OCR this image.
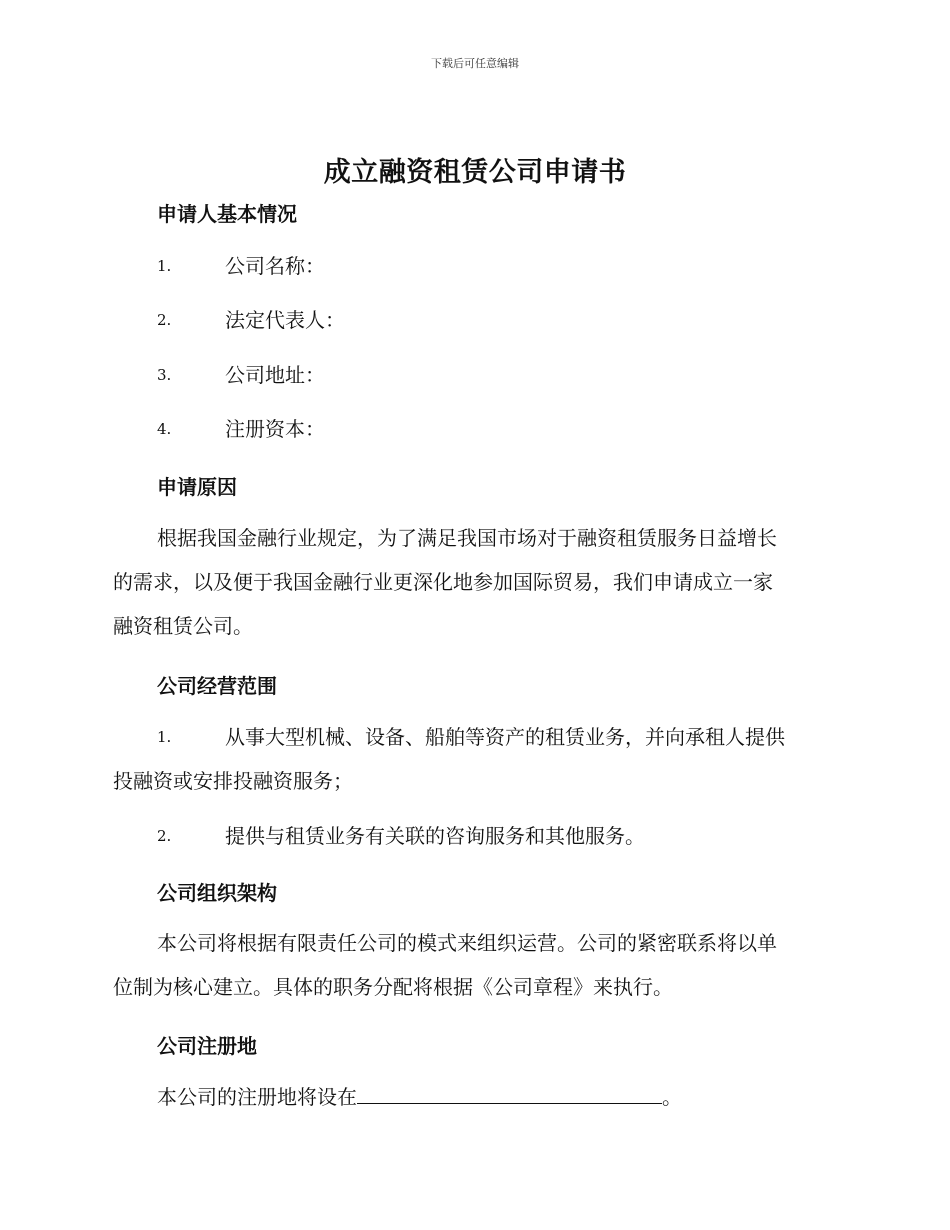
下载后可任意编辑
成立融资租赁公司申请书
申请人基本情况
1.	公司名称：
2.	法定代表人：
3.	公司地址：
4.	注册资本：
申请原因
根据我国金融行业规定，为了满足我国市场对于融资租赁服务日益增长
的需求，以及便于我国金融行业更深化地参加国际贸易，我们申请成立一家
融资租赁公司。
公司经营范围
1.	从事大型机械、设备、船舶等资产的租赁业务，并向承租人提供
投融资或安排投融资服务；
2.	提供与租赁业务有关联的咨询服务和其他服务。
公司组织架构
本公司将根据有限责任公司的模式来组织运营。公司的紧密联系将以单
位制为核心建立。具体的职务分配将根据《公司章程》来执行。
公司注册地
本公司的注册地将设在	。
